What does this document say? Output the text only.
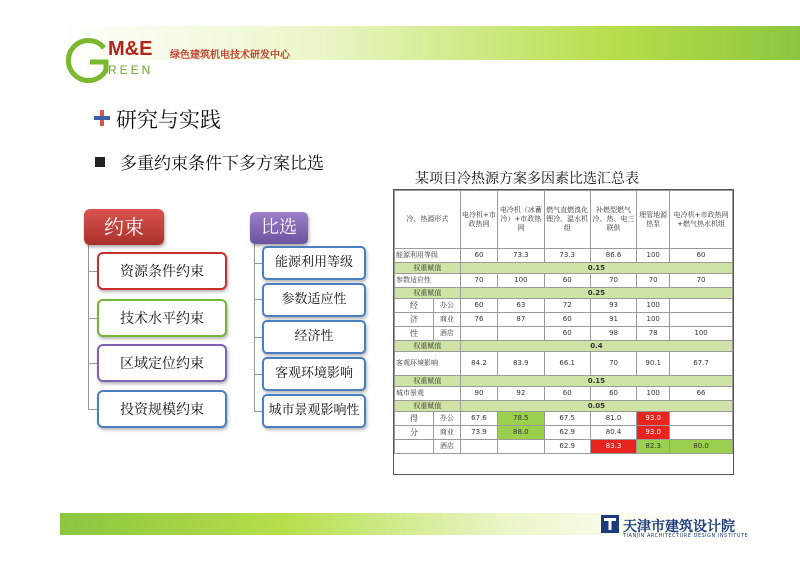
M&E
REEN
绿色建筑机电技术研发中心
研究与实践
多重约束条件下多方案比选
约束
资源条件约束
技术水平约束
区域定位约束
投资规模约束
比选
能源利用等级
参数适应性
经济性
客观环境影响
城市景观影响性
某项目冷热源方案多因素比选汇总表
冷、热源形式		电冷机+市政热网	电冷机（冰蓄冷）+市政热网	燃气直燃溴化锂冷、温水机组	补燃型燃气冷、热、电三联供	埋管地源热泵	电冷机+市政热网+燃气热水机组
能源利用等级		60	73.3	73.3	86.6	100	60
权重赋值		0.15					
参数适应性		70	100	60	70	70	70
权重赋值		0.25					
经	办公	60	63	72	93	100	
济	商业	76	87	60	91	100	
性	酒店			60	98	78	100
权重赋值		0.4					
客观环境影响		84.2	83.9	66.1	70	90.1	67.7
权重赋值		0.15					
城市景观		90	92	60	60	100	66
权重赋值		0.05					
得	办公	67.6	78.5	67.5	81.0	93.0	
分	商业	73.9	88.0	62.9	80.4	93.0	
	酒店			62.9	83.3	82.3	80.0
天津市建筑设计院
TIANJIN ARCHITECTURE DESIGN INSTITUTE
